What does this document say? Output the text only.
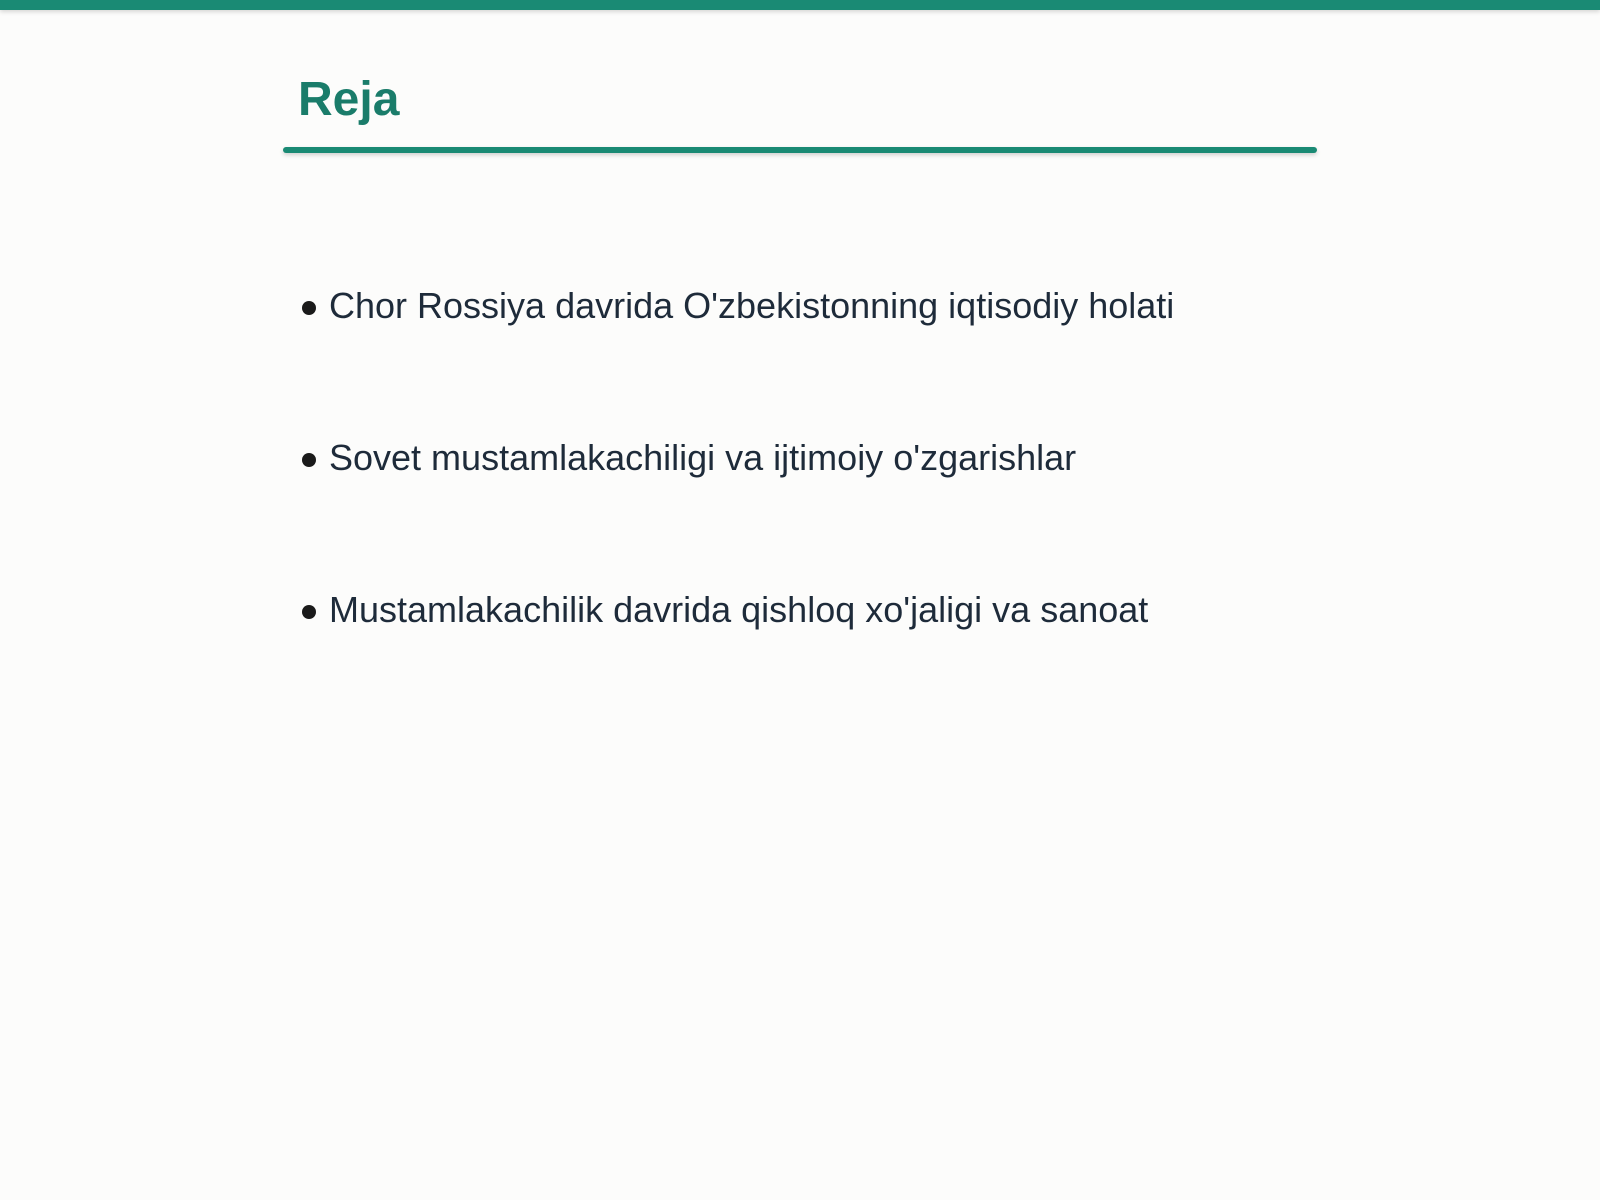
Reja
Chor Rossiya davrida O'zbekistonning iqtisodiy holati
Sovet mustamlakachiligi va ijtimoiy o'zgarishlar
Mustamlakachilik davrida qishloq xo'jaligi va sanoat
